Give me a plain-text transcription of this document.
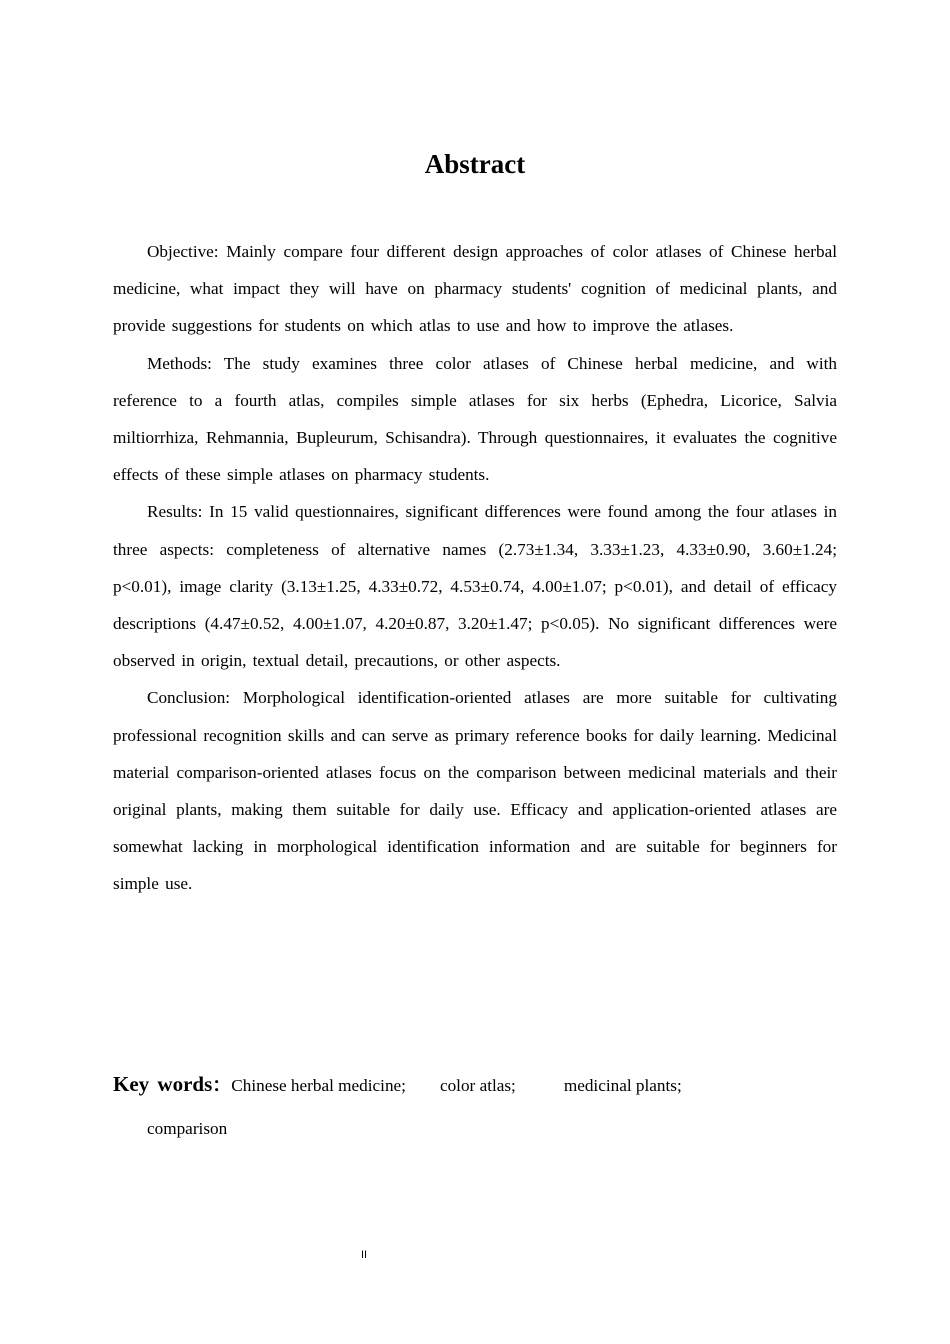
Abstract

Objective: Mainly compare four different design approaches of color atlases of Chinese herbal medicine, what impact they will have on pharmacy students' cognition of medicinal plants, and provide suggestions for students on which atlas to use and how to improve the atlases.

Methods: The study examines three color atlases of Chinese herbal medicine, and with reference to a fourth atlas, compiles simple atlases for six herbs (Ephedra, Licorice, Salvia miltiorrhiza, Rehmannia, Bupleurum, Schisandra). Through questionnaires, it evaluates the cognitive effects of these simple atlases on pharmacy students.

Results: In 15 valid questionnaires, significant differences were found among the four atlases in three aspects: completeness of alternative names (2.73±1.34, 3.33±1.23, 4.33±0.90, 3.60±1.24; p<0.01), image clarity (3.13±1.25, 4.33±0.72, 4.53±0.74, 4.00±1.07; p<0.01), and detail of efficacy descriptions (4.47±0.52, 4.00±1.07, 4.20±0.87, 3.20±1.47; p<0.05). No significant differences were observed in origin, textual detail, precautions, or other aspects.

Conclusion: Morphological identification-oriented atlases are more suitable for cultivating professional recognition skills and can serve as primary reference books for daily learning. Medicinal material comparison-oriented atlases focus on the comparison between medicinal materials and their original plants, making them suitable for daily use. Efficacy and application-oriented atlases are somewhat lacking in morphological identification information and are suitable for beginners for simple use.

Key words：Chinese herbal medicine; color atlas;	medicinal plants;
comparison
II
